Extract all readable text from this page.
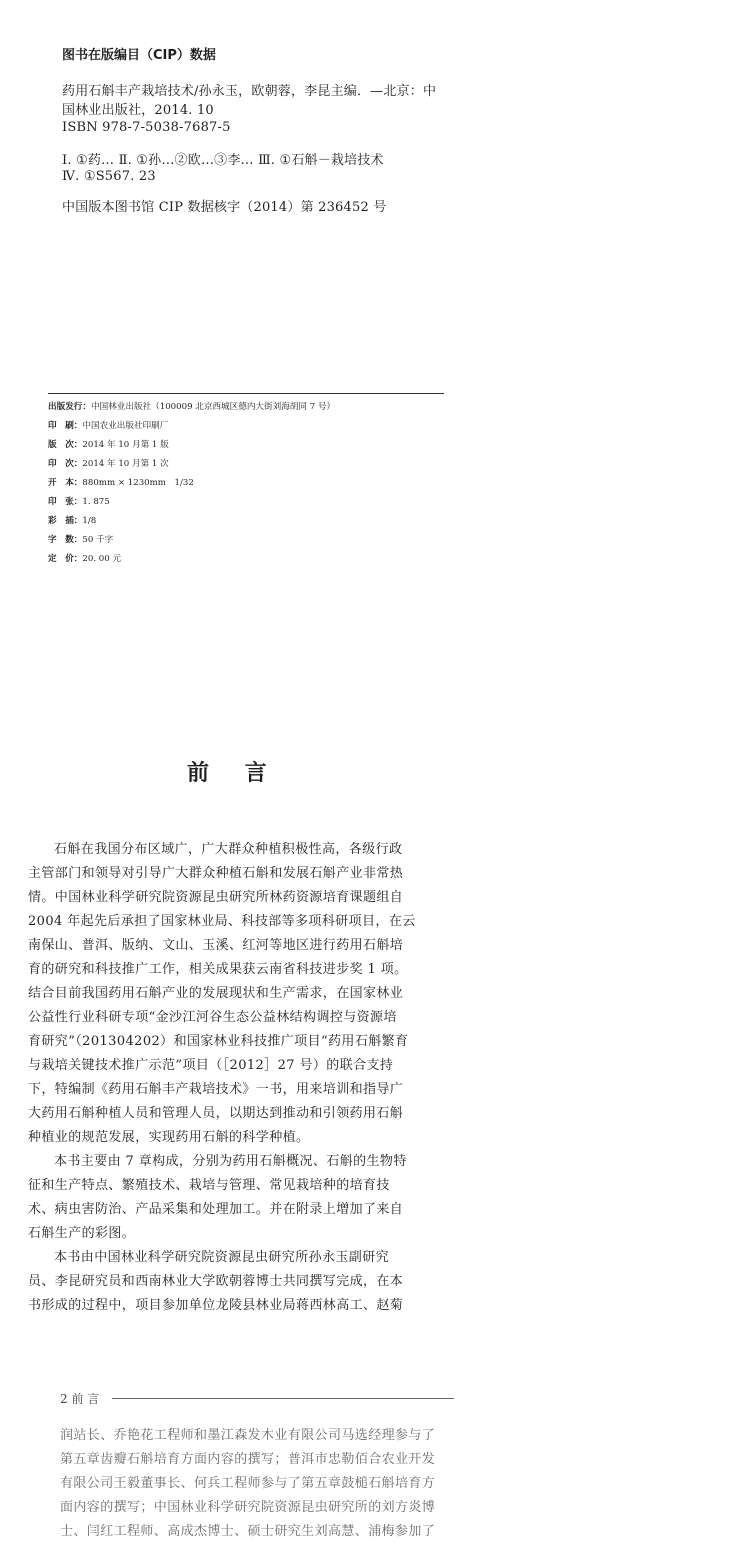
图书在版编目（CIP）数据
药用石斛丰产栽培技术/孙永玉，欧朝蓉，李昆主编．—北京：中
国林业出版社，2014. 10
ISBN 978-7-5038-7687-5
Ⅰ. ①药… Ⅱ. ①孙…②欧…③李… Ⅲ. ①石斛－栽培技术
Ⅳ. ①S567. 23
中国版本图书馆 CIP 数据核字（2014）第 236452 号
出版发行：中国林业出版社（100009 北京西城区德内大街刘海胡同 7 号）
印　刷：中国农业出版社印刷厂
版　次：2014 年 10 月第 1 版
印　次：2014 年 10 月第 1 次
开　本：880mm × 1230mm　1/32
印　张：1. 875
彩　插：1/8
字　数：50 千字
定　价：20. 00 元
前 言
石斛在我国分布区域广，广大群众种植积极性高，各级行政
主管部门和领导对引导广大群众种植石斛和发展石斛产业非常热
情。中国林业科学研究院资源昆虫研究所林药资源培育课题组自
2004 年起先后承担了国家林业局、科技部等多项科研项目，在云
南保山、普洱、版纳、文山、玉溪、红河等地区进行药用石斛培
育的研究和科技推广工作，相关成果获云南省科技进步奖 1 项。
结合目前我国药用石斛产业的发展现状和生产需求，在国家林业
公益性行业科研专项“金沙江河谷生态公益林结构调控与资源培
育研究”（201304202）和国家林业科技推广项目“药用石斛繁育
与栽培关键技术推广示范”项目（［2012］27 号）的联合支持
下，特编制《药用石斛丰产栽培技术》一书，用来培训和指导广
大药用石斛种植人员和管理人员，以期达到推动和引领药用石斛
种植业的规范发展，实现药用石斛的科学种植。
本书主要由 7 章构成，分别为药用石斛概况、石斛的生物特
征和生产特点、繁殖技术、栽培与管理、常见栽培种的培育技
术、病虫害防治、产品采集和处理加工。并在附录上增加了来自
石斛生产的彩图。
本书由中国林业科学研究院资源昆虫研究所孙永玉副研究
员、李昆研究员和西南林业大学欧朝蓉博士共同撰写完成，在本
书形成的过程中，项目参加单位龙陵县林业局蒋西林高工、赵菊
2 前 言
润站长、乔艳花工程师和墨江森发木业有限公司马选经理参与了
第五章齿瓣石斛培育方面内容的撰写；普洱市忠勒佰合农业开发
有限公司王毅董事长、何兵工程师参与了第五章鼓槌石斛培育方
面内容的撰写；中国林业科学研究院资源昆虫研究所的刘方炎博
士、闫红工程师、高成杰博士、硕士研究生刘高慧、浦梅参加了
